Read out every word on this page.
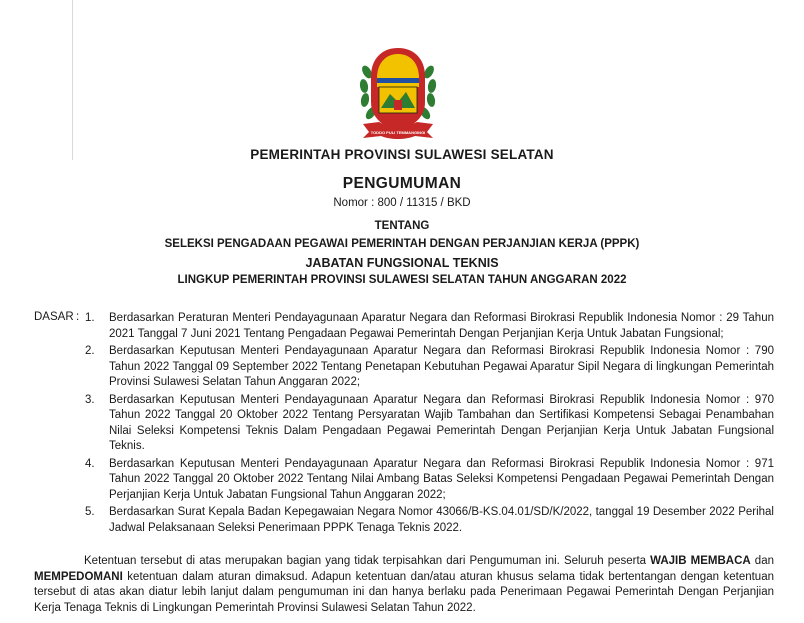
TODDO PULI TEMMANGINGI
PEMERINTAH PROVINSI SULAWESI SELATAN
PENGUMUMAN
Nomor : 800 / 11315 / BKD
TENTANG
SELEKSI PENGADAAN PEGAWAI PEMERINTAH DENGAN PERJANJIAN KERJA (PPPK)
JABATAN FUNGSIONAL TEKNIS
LINGKUP PEMERINTAH PROVINSI SULAWESI SELATAN TAHUN ANGGARAN 2022
DASAR : 1. Berdasarkan Peraturan Menteri Pendayagunaan Aparatur Negara dan Reformasi Birokrasi Republik Indonesia Nomor : 29 Tahun 2021 Tanggal 7 Juni 2021 Tentang Pengadaan Pegawai Pemerintah Dengan Perjanjian Kerja Untuk Jabatan Fungsional;
2. Berdasarkan Keputusan Menteri Pendayagunaan Aparatur Negara dan Reformasi Birokrasi Republik Indonesia Nomor : 790 Tahun 2022 Tanggal 09 September 2022 Tentang Penetapan Kebutuhan Pegawai Aparatur Sipil Negara di lingkungan Pemerintah Provinsi Sulawesi Selatan Tahun Anggaran 2022;
3. Berdasarkan Keputusan Menteri Pendayagunaan Aparatur Negara dan Reformasi Birokrasi Republik Indonesia Nomor : 970 Tahun 2022 Tanggal 20 Oktober 2022 Tentang Persyaratan Wajib Tambahan dan Sertifikasi Kompetensi Sebagai Penambahan Nilai Seleksi Kompetensi Teknis Dalam Pengadaan Pegawai Pemerintah Dengan Perjanjian Kerja Untuk Jabatan Fungsional Teknis.
4. Berdasarkan Keputusan Menteri Pendayagunaan Aparatur Negara dan Reformasi Birokrasi Republik Indonesia Nomor : 971 Tahun 2022 Tanggal 20 Oktober 2022 Tentang Nilai Ambang Batas Seleksi Kompetensi Pengadaan Pegawai Pemerintah Dengan Perjanjian Kerja Untuk Jabatan Fungsional Tahun Anggaran 2022;
5. Berdasarkan Surat Kepala Badan Kepegawaian Negara Nomor 43066/B-KS.04.01/SD/K/2022, tanggal 19 Desember 2022 Perihal Jadwal Pelaksanaan Seleksi Penerimaan PPPK Tenaga Teknis 2022.
Ketentuan tersebut di atas merupakan bagian yang tidak terpisahkan dari Pengumuman ini. Seluruh peserta WAJIB MEMBACA dan MEMPEDOMANI ketentuan dalam aturan dimaksud. Adapun ketentuan dan/atau aturan khusus selama tidak bertentangan dengan ketentuan tersebut di atas akan diatur lebih lanjut dalam pengumuman ini dan hanya berlaku pada Penerimaan Pegawai Pemerintah Dengan Perjanjian Kerja Tenaga Teknis di Lingkungan Pemerintah Provinsi Sulawesi Selatan Tahun 2022.
